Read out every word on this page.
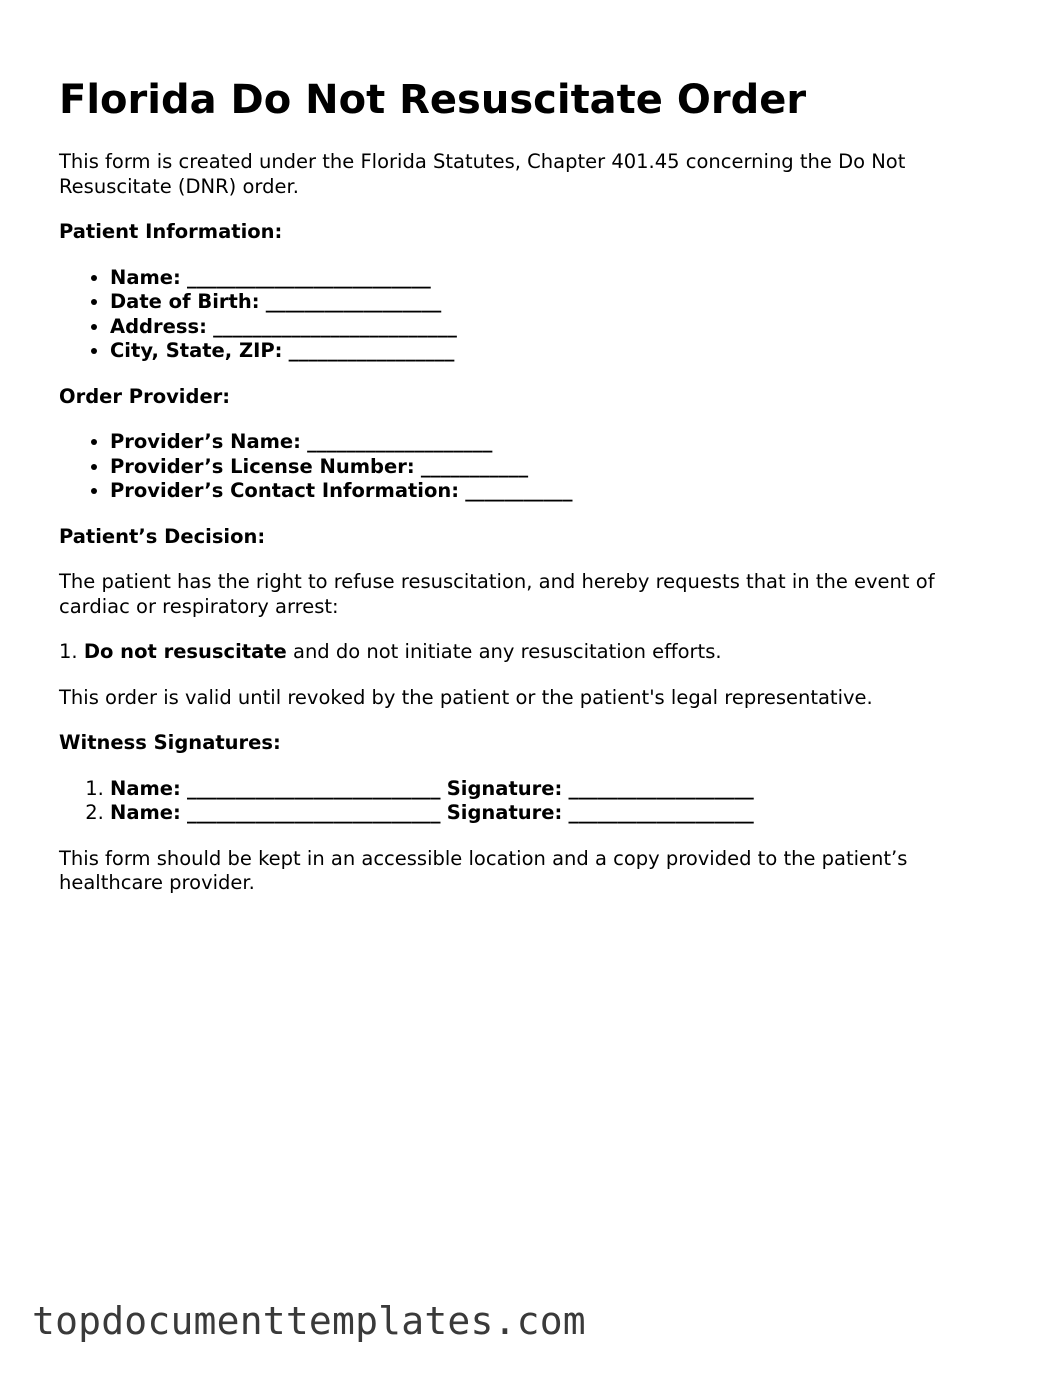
Florida Do Not Resuscitate Order

This form is created under the Florida Statutes, Chapter 401.45 concerning the Do Not Resuscitate (DNR) order.

Patient Information:
• Name: _________________________
• Date of Birth: __________________
• Address: _________________________
• City, State, ZIP: _________________
Order Provider:
• Provider’s Name: ___________________
• Provider’s License Number: ___________
• Provider’s Contact Information: ___________
Patient’s Decision:

The patient has the right to refuse resuscitation, and hereby requests that in the event of cardiac or respiratory arrest:

1. Do not resuscitate and do not initiate any resuscitation efforts.

This order is valid until revoked by the patient or the patient's legal representative.

Witness Signatures:
1. Name: __________________________ Signature: ___________________
2. Name: __________________________ Signature: ___________________

This form should be kept in an accessible location and a copy provided to the patient’s healthcare provider.

topdocumenttemplates.com
